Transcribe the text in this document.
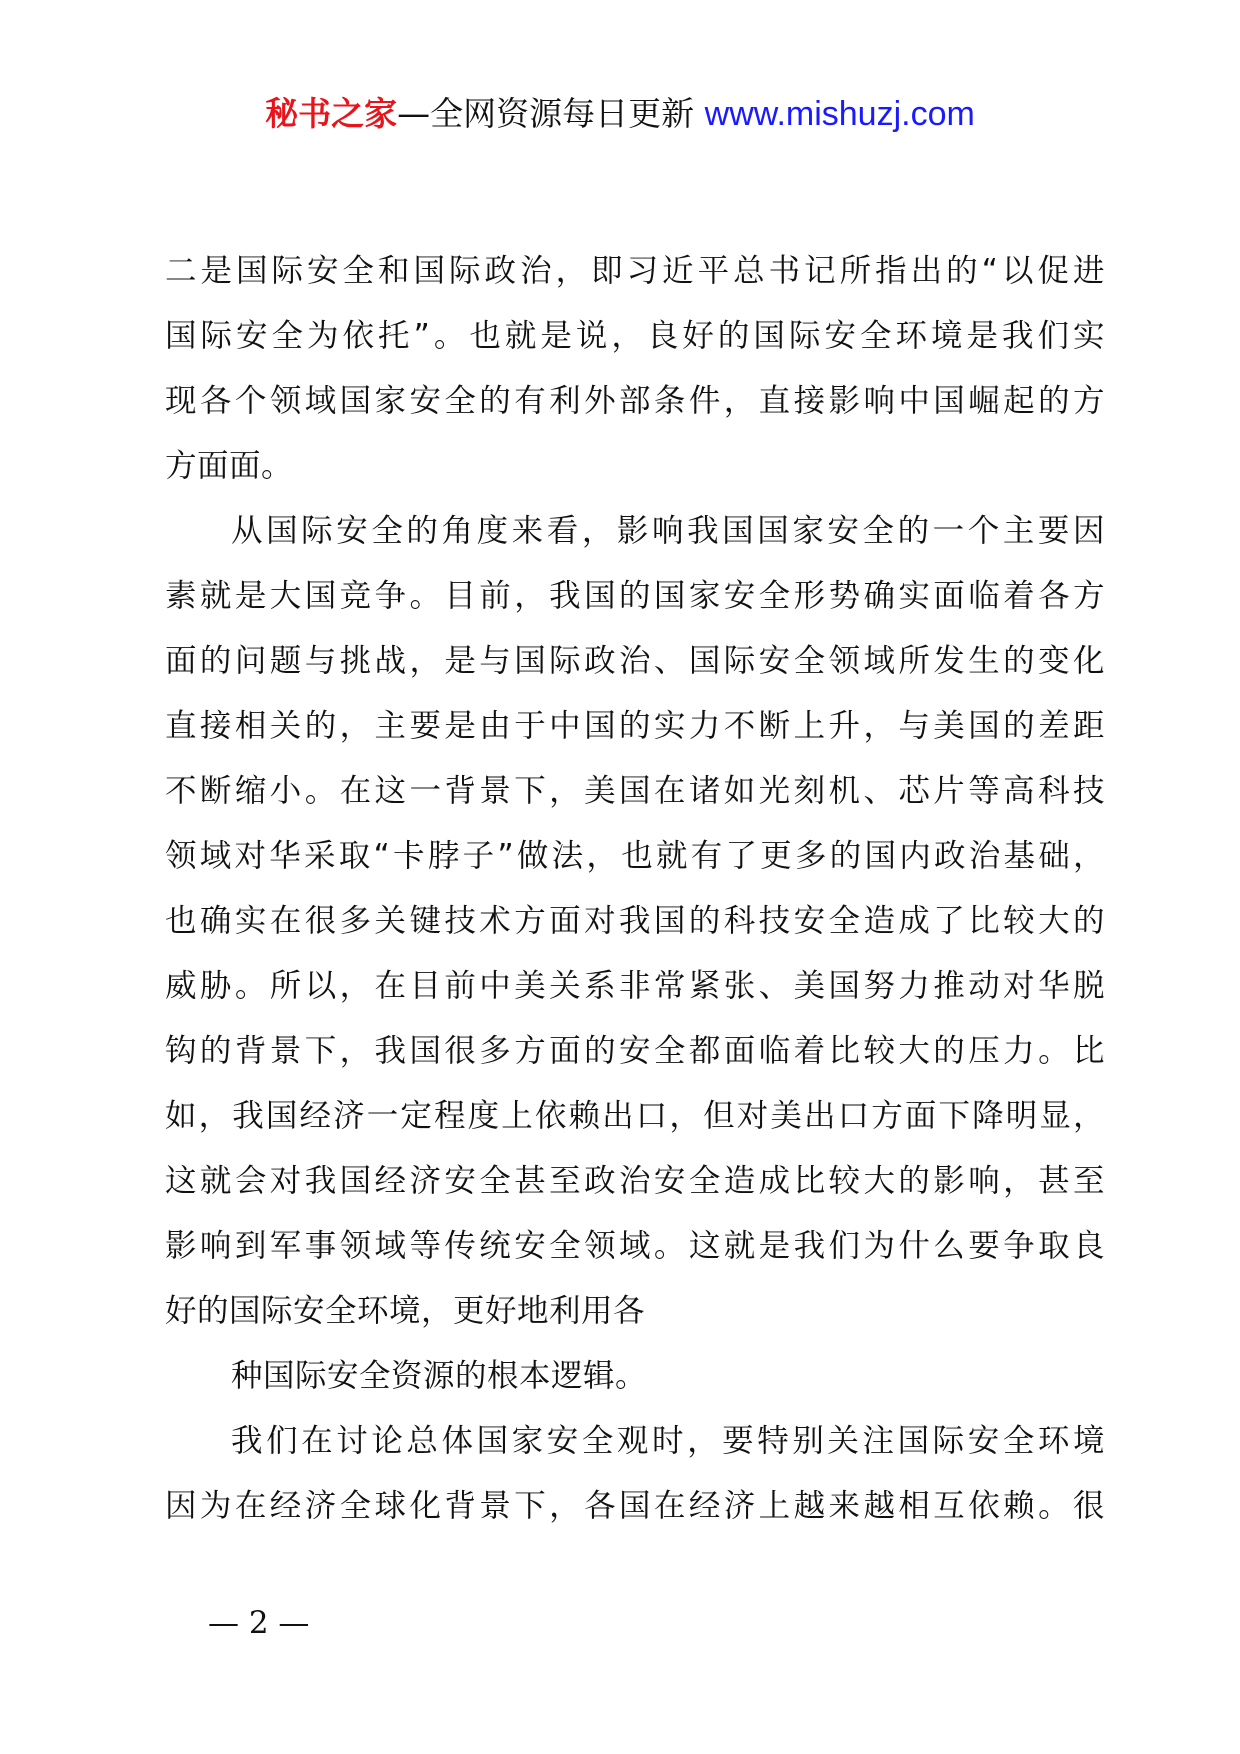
秘书之家—全网资源每日更新 www.mishuzj.com
二是国际安全和国际政治，即习近平总书记所指出的“以促进
国际安全为依托”。也就是说，良好的国际安全环境是我们实
现各个领域国家安全的有利外部条件，直接影响中国崛起的方
方面面。
从国际安全的角度来看，影响我国国家安全的一个主要因
素就是大国竞争。目前，我国的国家安全形势确实面临着各方
面的问题与挑战，是与国际政治、国际安全领域所发生的变化
直接相关的，主要是由于中国的实力不断上升，与美国的差距
不断缩小。在这一背景下，美国在诸如光刻机、芯片等高科技
领域对华采取“卡脖子”做法，也就有了更多的国内政治基础，
也确实在很多关键技术方面对我国的科技安全造成了比较大的
威胁。所以，在目前中美关系非常紧张、美国努力推动对华脱
钩的背景下，我国很多方面的安全都面临着比较大的压力。比
如，我国经济一定程度上依赖出口，但对美出口方面下降明显，
这就会对我国经济安全甚至政治安全造成比较大的影响，甚至
影响到军事领域等传统安全领域。这就是我们为什么要争取良
好的国际安全环境，更好地利用各
种国际安全资源的根本逻辑。
我们在讨论总体国家安全观时，要特别关注国际安全环境
因为在经济全球化背景下，各国在经济上越来越相互依赖。很
— 2 —
